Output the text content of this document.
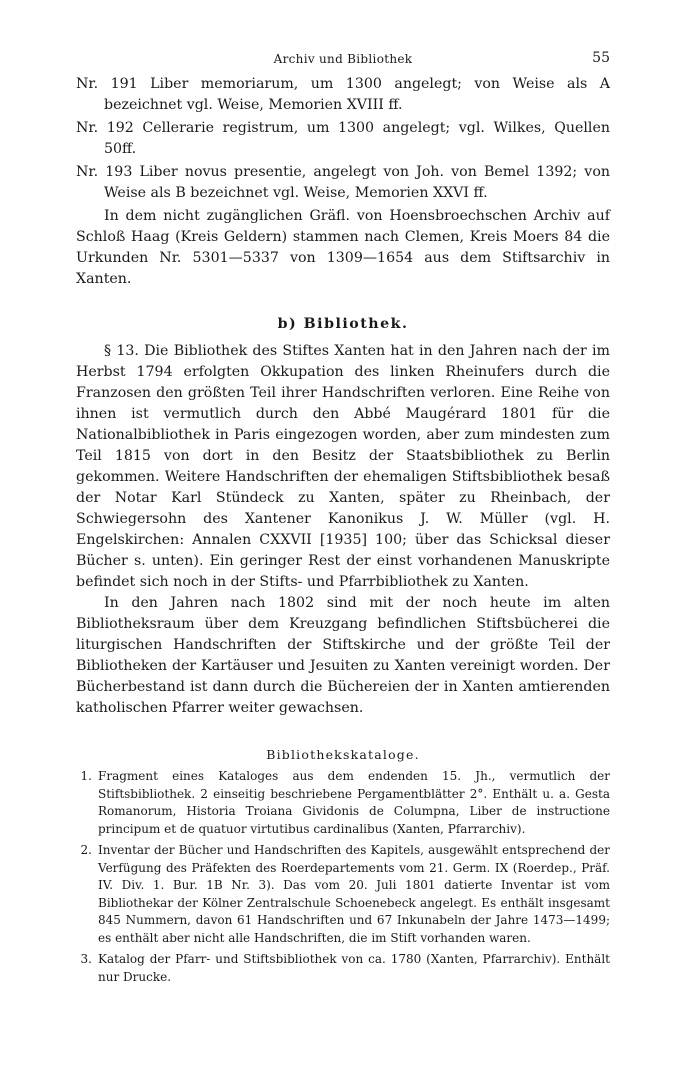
Archiv und Bibliothek	55

Nr. 191 Liber memoriarum, um 1300 angelegt; von Weise als A bezeichnet vgl. Weise, Memorien XVIII ff.

Nr. 192 Cellerarie registrum, um 1300 angelegt; vgl. Wilkes, Quellen 50ff.

Nr. 193 Liber novus presentie, angelegt von Joh. von Bemel 1392; von Weise als B bezeichnet vgl. Weise, Memorien XXVI ff.

In dem nicht zugänglichen Gräfl. von Hoensbroechschen Archiv auf Schloß Haag (Kreis Geldern) stammen nach Clemen, Kreis Moers 84 die Urkunden Nr. 5301—5337 von 1309—1654 aus dem Stiftsarchiv in Xanten.

b) Bibliothek.

§ 13. Die Bibliothek des Stiftes Xanten hat in den Jahren nach der im Herbst 1794 erfolgten Okkupation des linken Rheinufers durch die Franzosen den größten Teil ihrer Handschriften verloren. Eine Reihe von ihnen ist vermutlich durch den Abbé Maugérard 1801 für die Nationalbibliothek in Paris eingezogen worden, aber zum mindesten zum Teil 1815 von dort in den Besitz der Staatsbibliothek zu Berlin gekommen. Weitere Handschriften der ehemaligen Stiftsbibliothek besaß der Notar Karl Stündeck zu Xanten, später zu Rheinbach, der Schwiegersohn des Xantener Kanonikus J. W. Müller (vgl. H. Engelskirchen: Annalen CXXVII [1935] 100; über das Schicksal dieser Bücher s. unten). Ein geringer Rest der einst vorhandenen Manuskripte befindet sich noch in der Stifts- und Pfarrbibliothek zu Xanten.

In den Jahren nach 1802 sind mit der noch heute im alten Bibliotheksraum über dem Kreuzgang befindlichen Stiftsbücherei die liturgischen Handschriften der Stiftskirche und der größte Teil der Bibliotheken der Kartäuser und Jesuiten zu Xanten vereinigt worden. Der Bücherbestand ist dann durch die Büchereien der in Xanten amtierenden katholischen Pfarrer weiter gewachsen.

Bibliothekskataloge.
1. Fragment eines Kataloges aus dem endenden 15. Jh., vermutlich der Stiftsbibliothek. 2 einseitig beschriebene Pergamentblätter 2°. Enthält u. a. Gesta Romanorum, Historia Troiana Gividonis de Columpna, Liber de instructione principum et de quatuor virtutibus cardinalibus (Xanten, Pfarrarchiv).
2. Inventar der Bücher und Handschriften des Kapitels, ausgewählt entsprechend der Verfügung des Präfekten des Roerdepartements vom 21. Germ. IX (Roerdep., Präf. IV. Div. 1. Bur. 1B Nr. 3). Das vom 20. Juli 1801 datierte Inventar ist vom Bibliothekar der Kölner Zentralschule Schoenebeck angelegt. Es enthält insgesamt 845 Nummern, davon 61 Handschriften und 67 Inkunabeln der Jahre 1473—1499; es enthält aber nicht alle Handschriften, die im Stift vorhanden waren.
3. Katalog der Pfarr- und Stiftsbibliothek von ca. 1780 (Xanten, Pfarrarchiv). Enthält nur Drucke.
